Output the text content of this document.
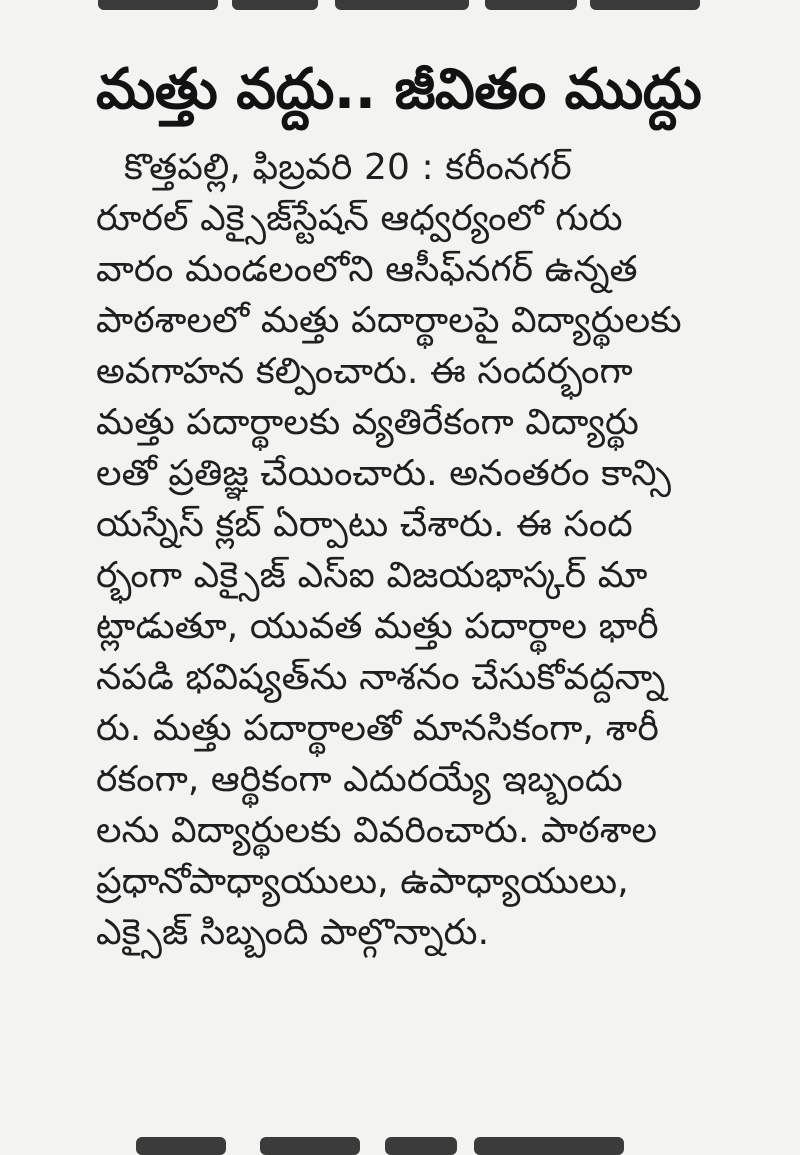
మత్తు వద్దు.. జీవితం ముద్దు
కొత్తపల్లి, ఫిబ్రవరి 20 : కరీంనగర్
రూరల్ ఎక్సైజ్‌స్టేషన్ ఆధ్వర్యంలో గురు
వారం మండలంలోని ఆసీఫ్‌నగర్ ఉన్నత
పాఠశాలలో మత్తు పదార్థాలపై విద్యార్థులకు
అవగాహన కల్పించారు. ఈ సందర్భంగా
మత్తు పదార్థాలకు వ్యతిరేకంగా విద్యార్థు
లతో ప్రతిజ్ఞ చేయించారు. అనంతరం కాన్సి
యస్నేస్ క్లబ్ ఏర్పాటు చేశారు. ఈ సంద
ర్భంగా ఎక్సైజ్ ఎస్ఐ విజయభాస్కర్ మా
ట్లాడుతూ, యువత మత్తు పదార్థాల భారీ
నపడి భవిష్యత్‌ను నాశనం చేసుకోవద్దన్నా
రు. మత్తు పదార్థాలతో మానసికంగా, శారీ
రకంగా, ఆర్థికంగా ఎదురయ్యే ఇబ్బందు
లను విద్యార్థులకు వివరించారు. పాఠశాల
ప్రధానోపాధ్యాయులు, ఉపాధ్యాయులు,
ఎక్సైజ్ సిబ్బంది పాల్గొన్నారు.
